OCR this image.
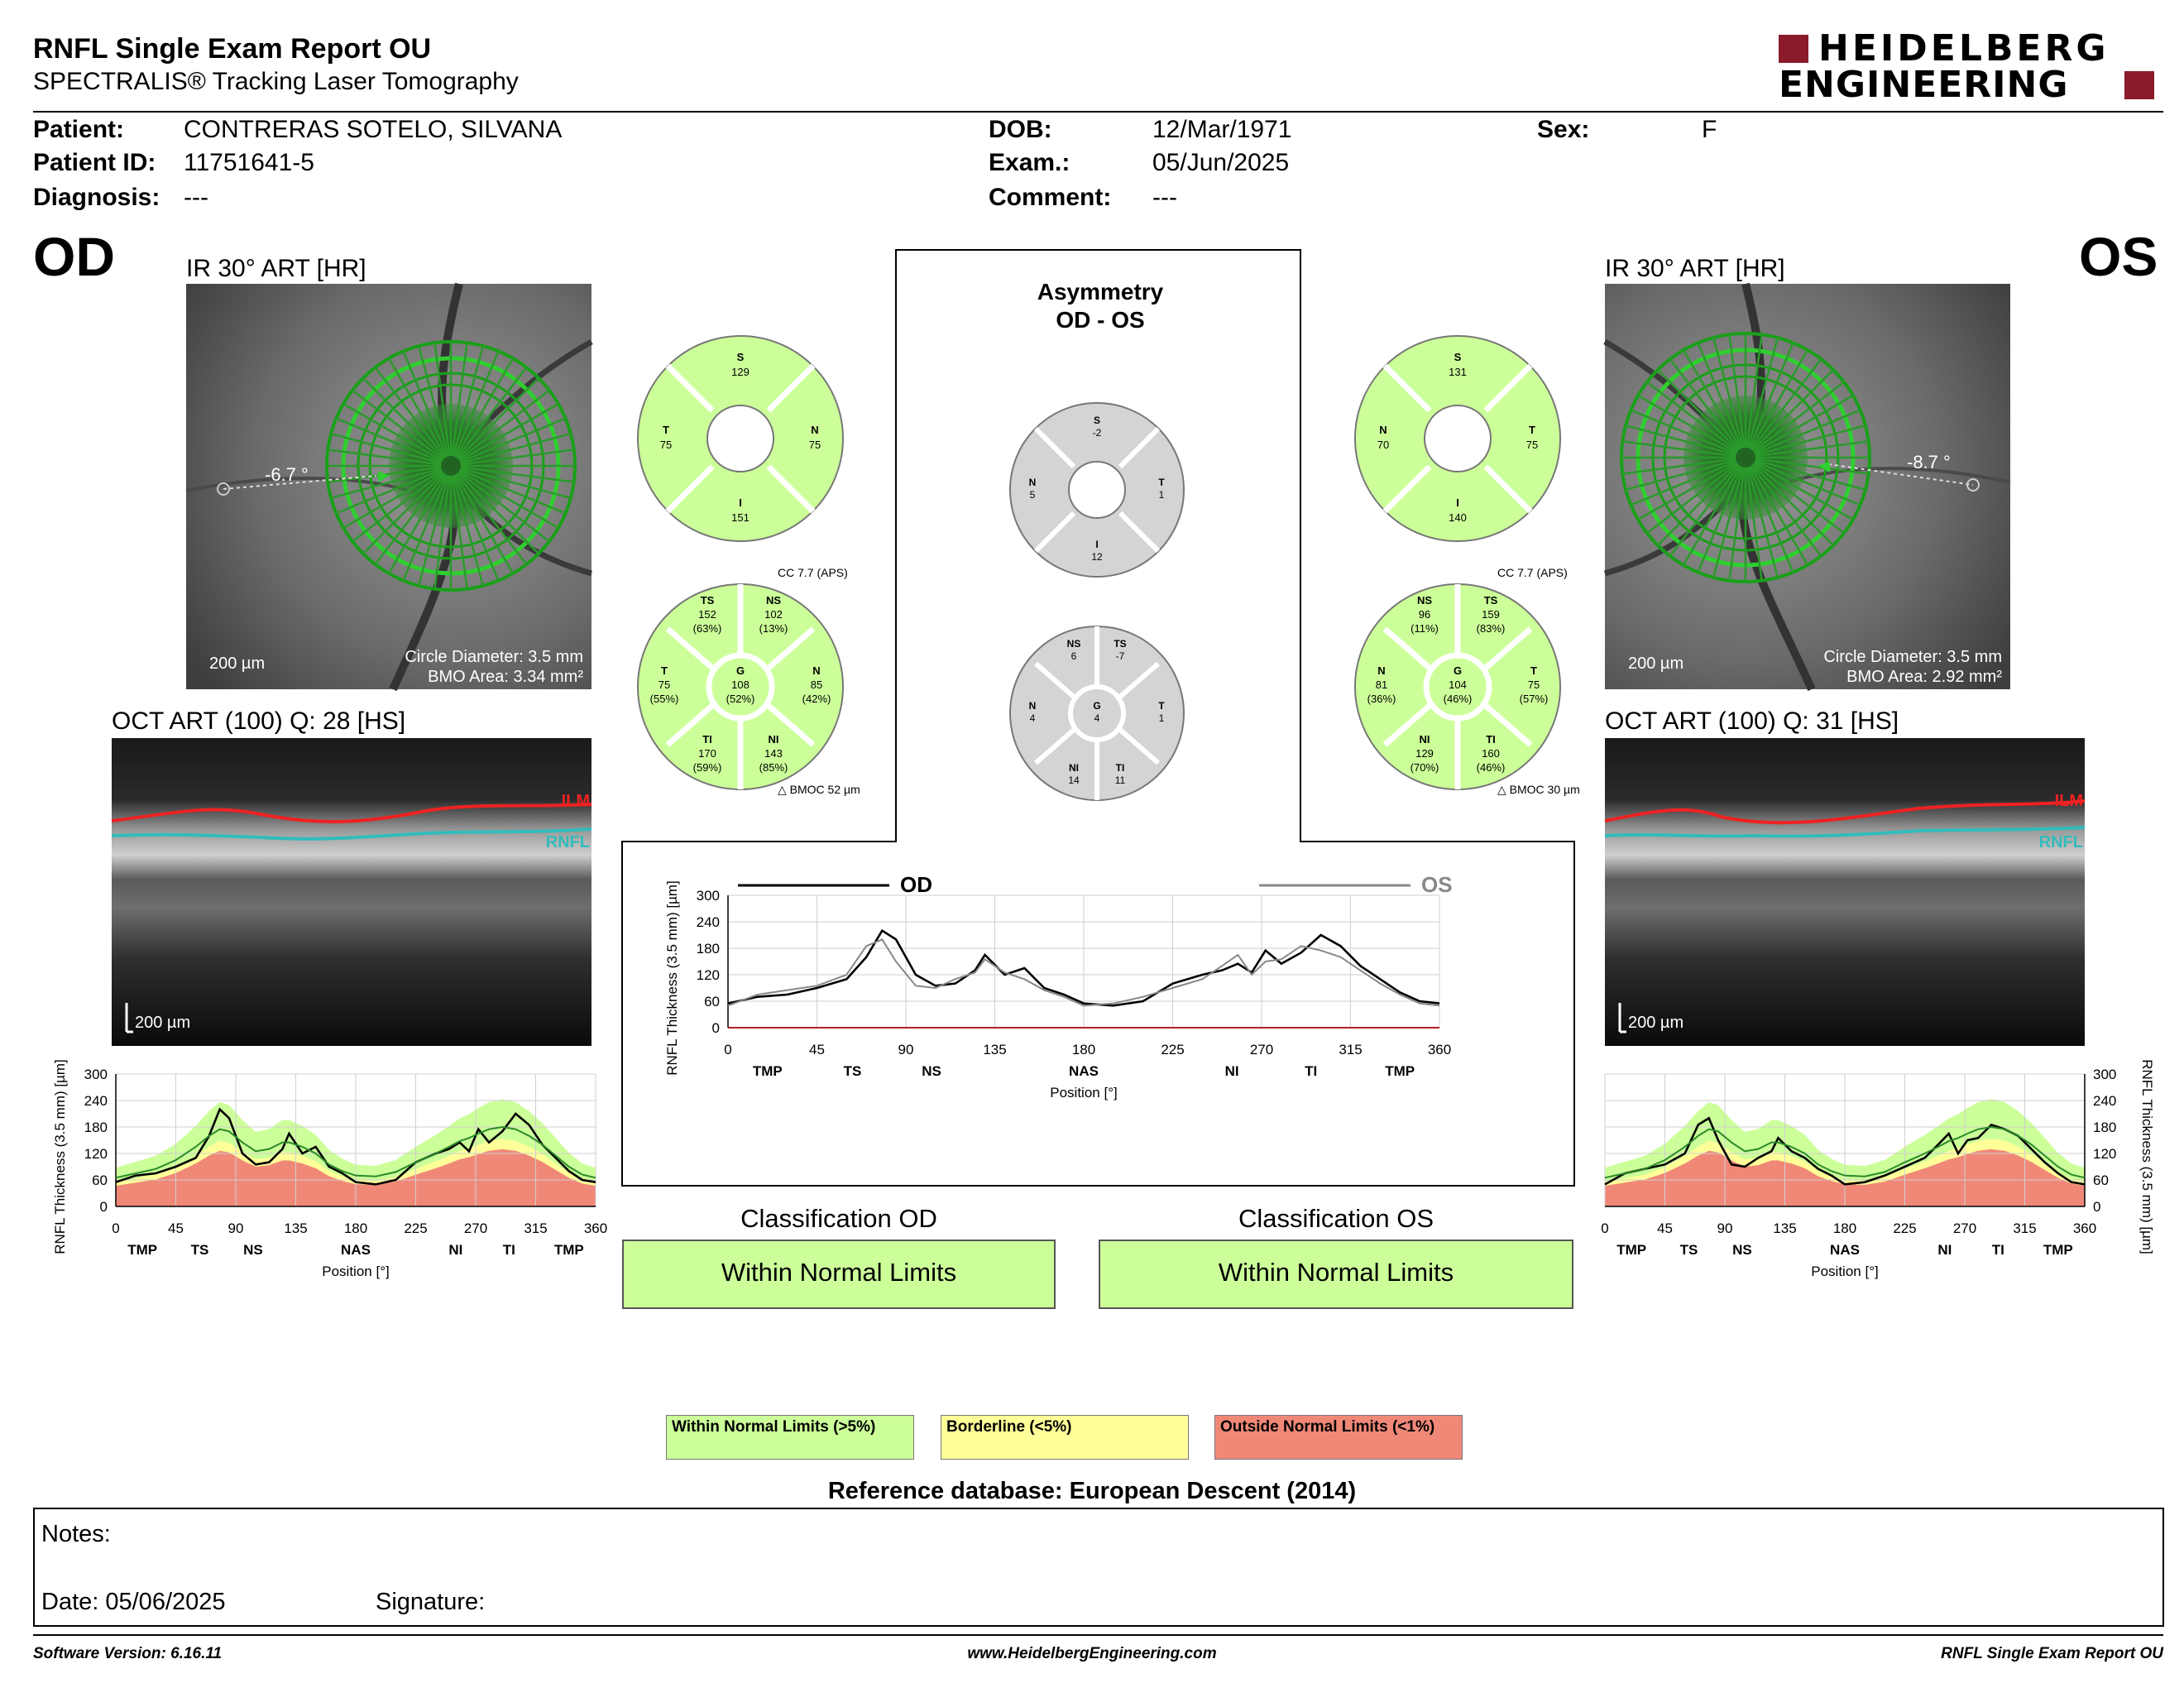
RNFL Single Exam Report OU
SPECTRALIS® Tracking Laser Tomography
HEIDELBERG
ENGINEERING
Patient: CONTRERAS SOTELO, SILVANA
Patient ID: 11751641-5
Diagnosis: ---
DOB:	12/Mar/1971
Exam.:	05/Jun/2025
Comment: ---
Sex:	F
OD	IR 30° ART [HR]
-6.7 °
200 µm	Circle Diameter: 3.5 mm
BMO Area: 3.34 mm²
OCT ART (100) Q: 28 [HS]
ILM
RNFL
200 µm
0	45	90	135	180	225	270	315	360
0
60
120
180
240
300
TMP TS NS	NAS	NI	TI	TMP
Position [°]
RNFL Thickness (3.5 mm) [µm]
S
129
T
75
N
75
I
151
CC 7.7 (APS)
TS
152
(63%)
NS
102
(13%)
T
75
(55%)
G
108
(52%)
N
85
(42%)
TI
170
(59%)
NI
143
(85%)
△ BMOC 52 µm
Asymmetry
OD - OS
S
-2
N
5
T
1
I
12
NS
6
TS
-7
N
4
G
4
T
1
NI
14
TI
11
0	45	90	135	180	225	270	315	360
0
60
120
180
240
300
TMP	TS	NS	NAS	NI	TI	TMP
Position [°]
RNFL Thickness (3.5 mm) [µm]	OD	OS
Classification OD
Within Normal Limits
Classification OS
Within Normal Limits
OS
IR 30° ART [HR]
-8.7 °
200 µm	Circle Diameter: 3.5 mm
BMO Area: 2.92 mm²
OCT ART (100) Q: 31 [HS]
ILM
RNFL
200 µm
0	45	90	135	180	225	270	315	360
0
60
120
180
240
300
TMP TS NS	NAS	NI	TI	TMP
Position [°]
RNFL Thickness (3.5 mm) [µm]
S
131
N
70
T
75
I
140
CC 7.7 (APS)
NS
96
(11%)
TS
159
(83%)
N
81
(36%)
G
104
(46%)
T
75
(57%)
NI
129
(70%)
TI
160
(46%)
△ BMOC 30 µm
Within Normal Limits (>5%)	Borderline (<5%)	Outside Normal Limits (<1%)
Reference database: European Descent (2014)
Notes:
Date: 05/06/2025	Signature:
Software Version: 6.16.11	www.HeidelbergEngineering.com	RNFL Single Exam Report OU
